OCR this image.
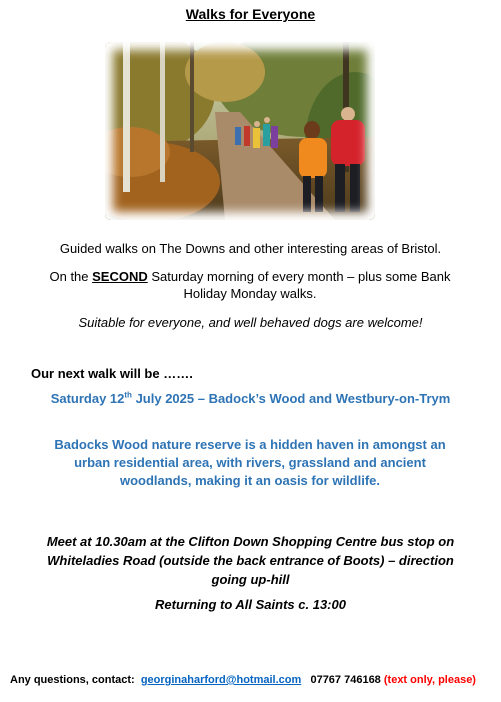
Walks for Everyone
Guided walks on The Downs and other interesting areas of Bristol.
On the SECOND Saturday morning of every month – plus some Bank Holiday Monday walks.
Suitable for everyone, and well behaved dogs are welcome!
Our next walk will be …….
Saturday 12th July 2025 – Badock’s Wood and Westbury-on-Trym
Badocks Wood nature reserve is a hidden haven in amongst an urban residential area, with rivers, grassland and ancient woodlands, making it an oasis for wildlife.
Meet at 10.30am at the Clifton Down Shopping Centre bus stop on Whiteladies Road (outside the back entrance of Boots) – direction going up-hill
Returning to All Saints c. 13:00
Any questions, contact: georginaharford@hotmail.com 07767 746168 (text only, please)
